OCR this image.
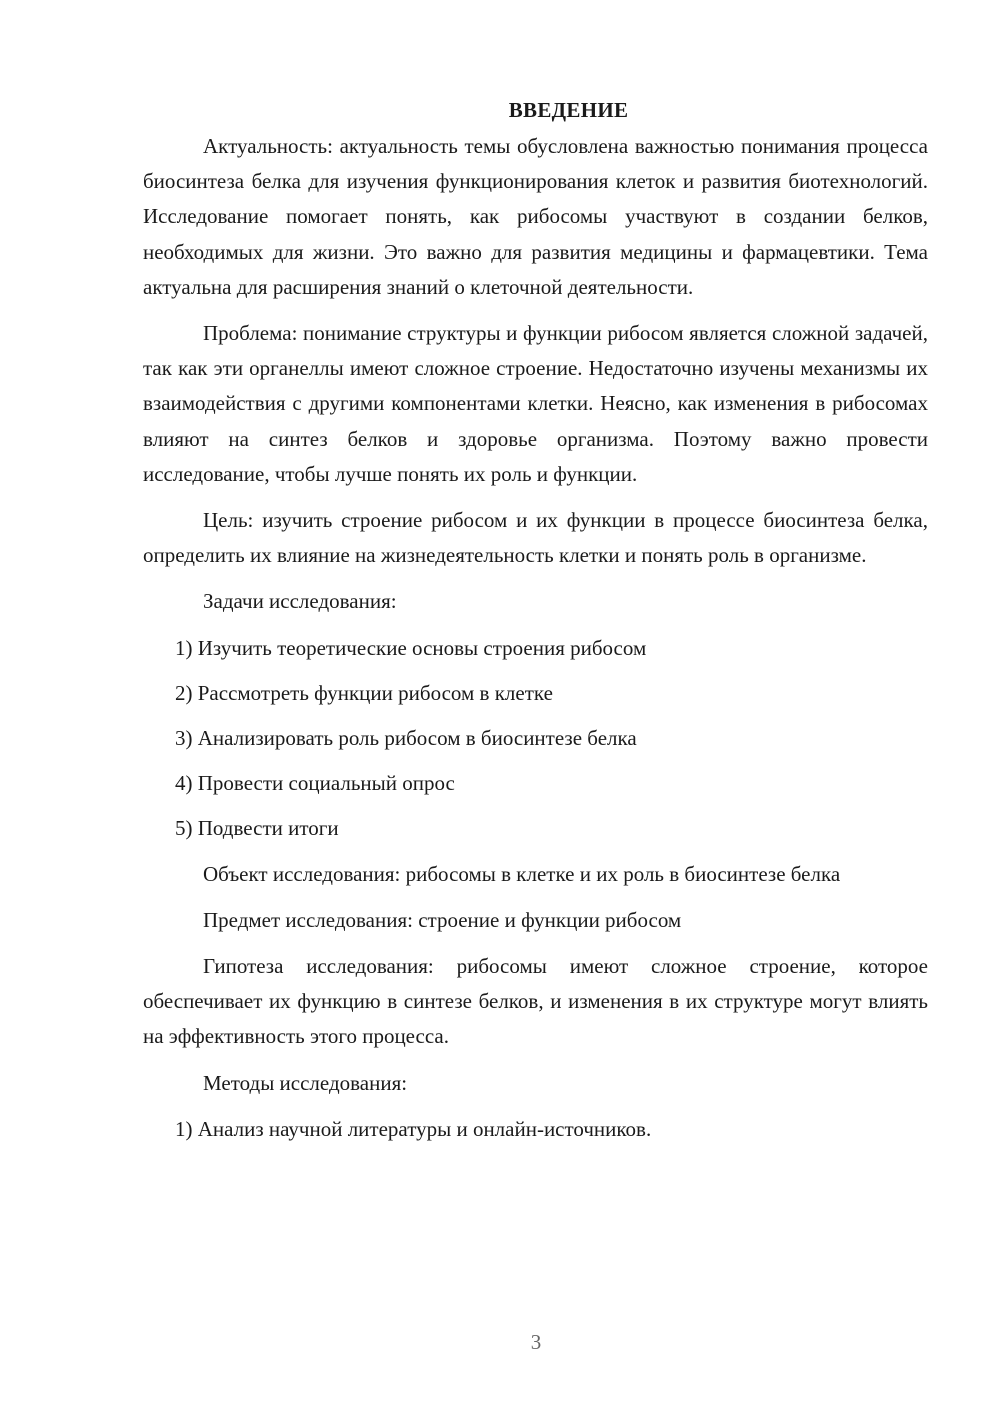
ВВЕДЕНИЕ

Актуальность: актуальность темы обусловлена важностью понимания процесса биосинтеза белка для изучения функционирования клеток и развития биотехнологий. Исследование помогает понять, как рибосомы участвуют в создании белков, необходимых для жизни. Это важно для развития медицины и фармацевтики. Тема актуальна для расширения знаний о клеточной деятельности.

Проблема: понимание структуры и функции рибосом является сложной задачей, так как эти органеллы имеют сложное строение. Недостаточно изучены механизмы их взаимодействия с другими компонентами клетки. Неясно, как изменения в рибосомах влияют на синтез белков и здоровье организма. Поэтому важно провести исследование, чтобы лучше понять их роль и функции.

Цель: изучить строение рибосом и их функции в процессе биосинтеза белка, определить их влияние на жизнедеятельность клетки и понять роль в организме.

Задачи исследования:

1) Изучить теоретические основы строения рибосом
2) Рассмотреть функции рибосом в клетке
3) Анализировать роль рибосом в биосинтезе белка
4) Провести социальный опрос
5) Подвести итоги

Объект исследования: рибосомы в клетке и их роль в биосинтезе белка

Предмет исследования: строение и функции рибосом

Гипотеза исследования: рибосомы имеют сложное строение, которое обеспечивает их функцию в синтезе белков, и изменения в их структуре могут влиять на эффективность этого процесса.

Методы исследования:

1) Анализ научной литературы и онлайн-источников.
3
